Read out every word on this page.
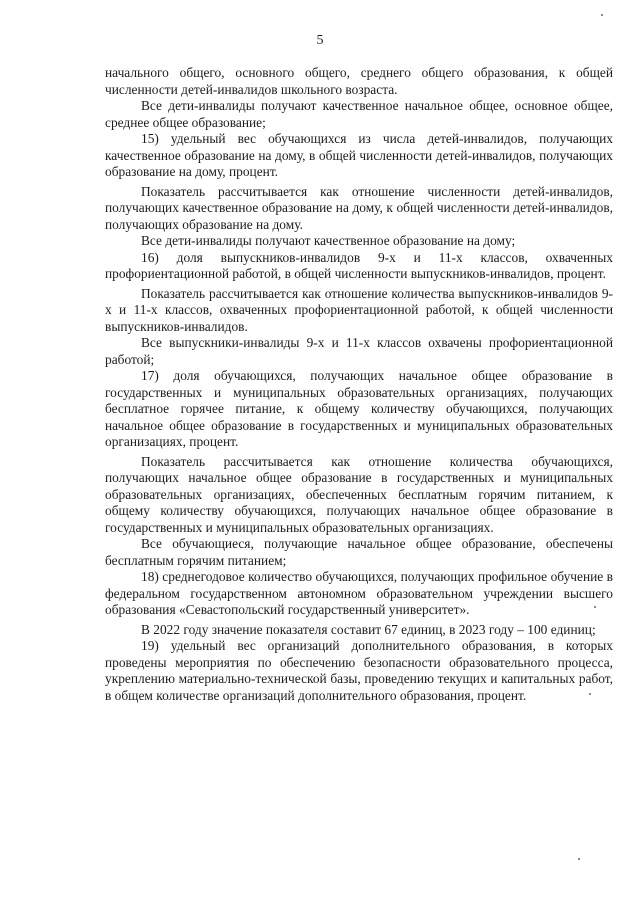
5

начального общего, основного общего, среднего общего образования, к общей численности детей-инвалидов школьного возраста.

Все дети-инвалиды получают качественное начальное общее, основное общее, среднее общее образование;

15) удельный вес обучающихся из числа детей-инвалидов, получающих качественное образование на дому, в общей численности детей-инвалидов, получающих образование на дому, процент.

Показатель рассчитывается как отношение численности детей-инвалидов, получающих качественное образование на дому, к общей численности детей-инвалидов, получающих образование на дому.

Все дети-инвалиды получают качественное образование на дому;

16) доля выпускников-инвалидов 9-х и 11-х классов, охваченных профориентационной работой, в общей численности выпускников-инвалидов, процент.

Показатель рассчитывается как отношение количества выпускников-инвалидов 9-х и 11-х классов, охваченных профориентационной работой, к общей численности выпускников-инвалидов.

Все выпускники-инвалиды 9-х и 11-х классов охвачены профориентационной работой;

17) доля обучающихся, получающих начальное общее образование в государственных и муниципальных образовательных организациях, получающих бесплатное горячее питание, к общему количеству обучающихся, получающих начальное общее образование в государственных и муниципальных образовательных организациях, процент.

Показатель рассчитывается как отношение количества обучающихся, получающих начальное общее образование в государственных и муниципальных образовательных организациях, обеспеченных бесплатным горячим питанием, к общему количеству обучающихся, получающих начальное общее образование в государственных и муниципальных образовательных организациях.

Все обучающиеся, получающие начальное общее образование, обеспечены бесплатным горячим питанием;

18) среднегодовое количество обучающихся, получающих профильное обучение в федеральном государственном автономном образовательном учреждении высшего образования «Севастопольский государственный университет».

В 2022 году значение показателя составит 67 единиц, в 2023 году – 100 единиц;

19) удельный вес организаций дополнительного образования, в которых проведены мероприятия по обеспечению безопасности образовательного процесса, укреплению материально-технической базы, проведению текущих и капитальных работ, в общем количестве организаций дополнительного образования, процент.
